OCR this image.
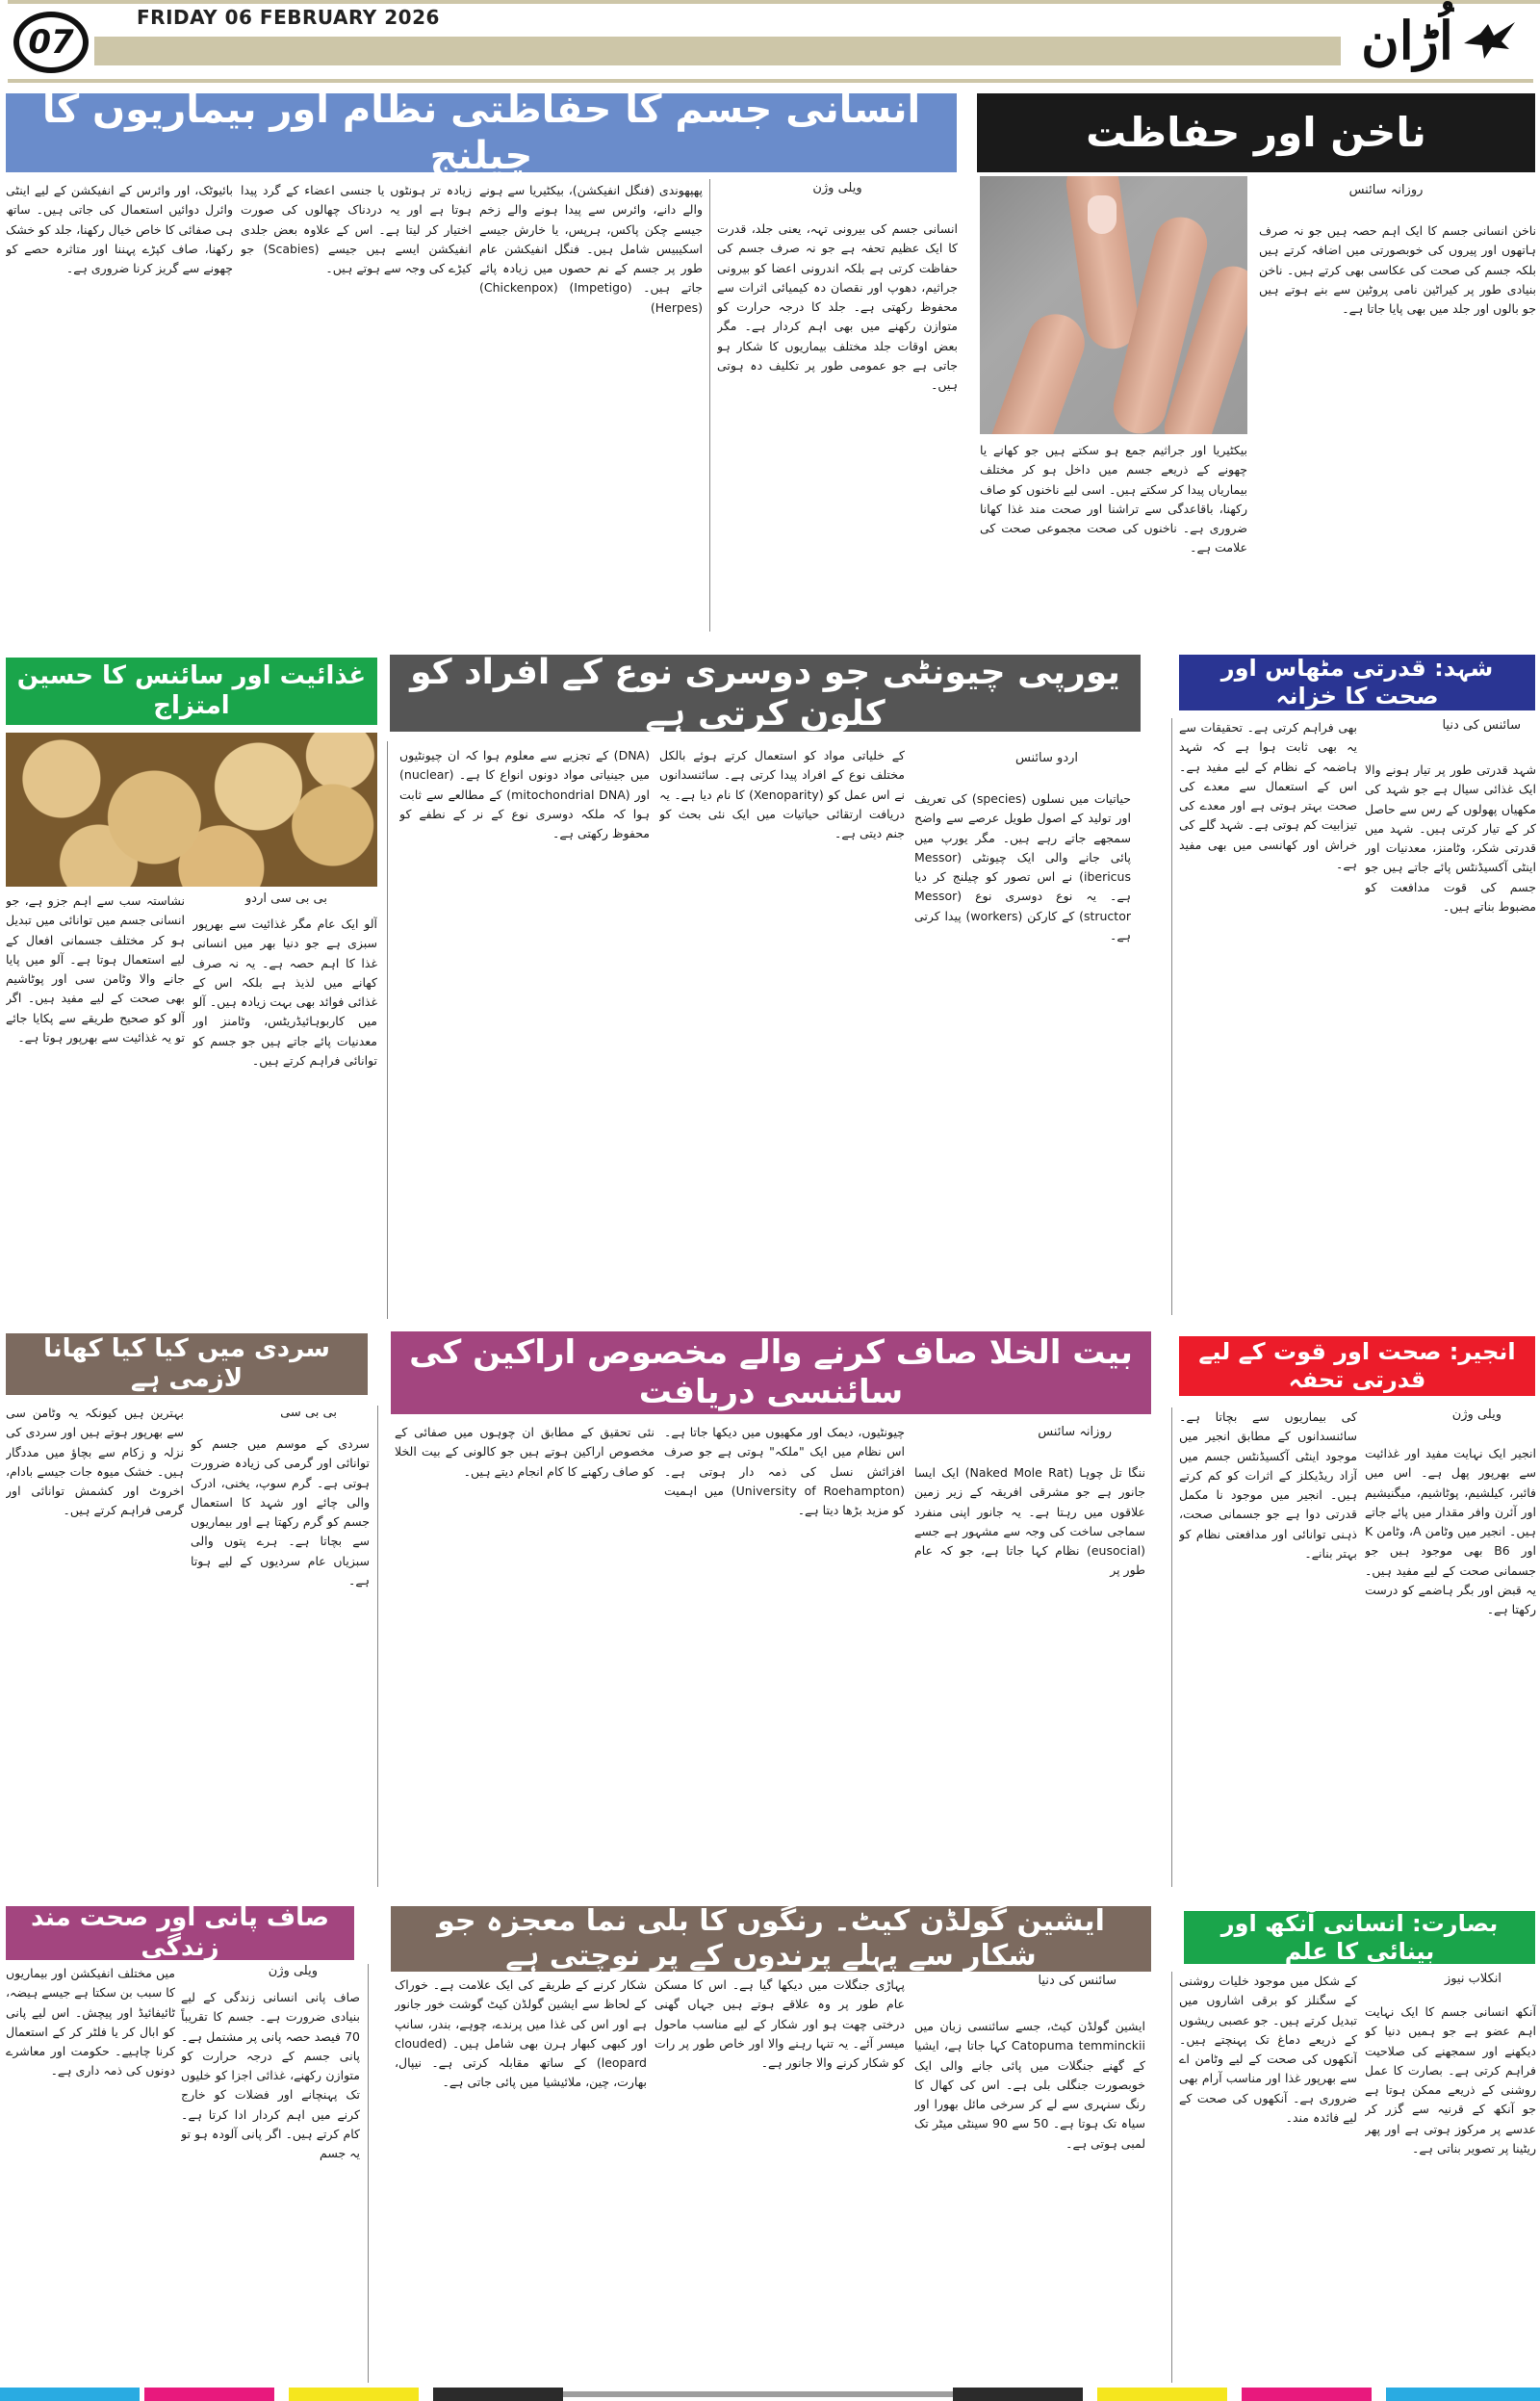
07
FRIDAY 06 FEBRUARY 2026	اُڑان
انسانی جسم کا حفاظتی نظام اور بیماریوں کا چیلنج
ویلی وژن
انسانی جسم کی بیرونی تہہ، یعنی جلد، قدرت کا ایک عظیم تحفہ ہے جو نہ صرف جسم کی حفاظت کرتی ہے بلکہ اندرونی اعضا کو بیرونی جراثیم، دھوپ اور نقصان دہ کیمیائی اثرات سے محفوظ رکھتی ہے۔ جلد کا درجہ حرارت کو متوازن رکھنے میں بھی اہم کردار ہے۔ مگر بعض اوقات جلد مختلف بیماریوں کا شکار ہو جاتی ہے جو عمومی طور پر تکلیف دہ ہوتی ہیں۔
پھپھوندی (فنگل انفیکشن)، بیکٹیریا سے ہونے والے دانے، وائرس سے پیدا ہونے والے زخم جیسے چکن پاکس، ہرپس، یا خارش جیسے اسکیبیس شامل ہیں۔ فنگل انفیکشن عام طور پر جسم کے نم حصوں میں زیادہ پائے جاتے ہیں۔ (Impetigo) (Chickenpox) (Herpes)
زیادہ تر ہونٹوں یا جنسی اعضاء کے گرد پیدا ہوتا ہے اور یہ دردناک چھالوں کی صورت اختیار کر لیتا ہے۔ اس کے علاوہ بعض جلدی انفیکشن ایسے ہیں جیسے (Scabies) جو کیڑے کی وجہ سے ہوتے ہیں۔
بائیوٹک، اور وائرس کے انفیکشن کے لیے اینٹی وائرل دوائیں استعمال کی جاتی ہیں۔ ساتھ ہی صفائی کا خاص خیال رکھنا، جلد کو خشک رکھنا، صاف کپڑے پہننا اور متاثرہ حصے کو چھونے سے گریز کرنا ضروری ہے۔
ناخن اور حفاظت
روزانہ سائنس
ناخن انسانی جسم کا ایک اہم حصہ ہیں جو نہ صرف ہاتھوں اور پیروں کی خوبصورتی میں اضافہ کرتے ہیں بلکہ جسم کی صحت کی عکاسی بھی کرتے ہیں۔ ناخن بنیادی طور پر کیراٹین نامی پروٹین سے بنے ہوتے ہیں جو بالوں اور جلد میں بھی پایا جاتا ہے۔
بیکٹیریا اور جراثیم جمع ہو سکتے ہیں جو کھانے یا چھونے کے ذریعے جسم میں داخل ہو کر مختلف بیماریاں پیدا کر سکتے ہیں۔ اسی لیے ناخنوں کو صاف رکھنا، باقاعدگی سے تراشنا اور صحت مند غذا کھانا ضروری ہے۔ ناخنوں کی صحت مجموعی صحت کی علامت ہے۔
غذائیت اور سائنس کا حسین امتزاج
بی بی سی اردو
نشاستہ سب سے اہم جزو ہے، جو انسانی جسم میں توانائی میں تبدیل ہو کر مختلف جسمانی افعال کے لیے استعمال ہوتا ہے۔ آلو میں پایا جانے والا وٹامن سی اور پوٹاشیم بھی صحت کے لیے مفید ہیں۔ اگر آلو کو صحیح طریقے سے پکایا جائے تو یہ غذائیت سے بھرپور ہوتا ہے۔
آلو ایک عام مگر غذائیت سے بھرپور سبزی ہے جو دنیا بھر میں انسانی غذا کا اہم حصہ ہے۔ یہ نہ صرف کھانے میں لذیذ ہے بلکہ اس کے غذائی فوائد بھی بہت زیادہ ہیں۔ آلو میں کاربوہائیڈریٹس، وٹامنز اور معدنیات پائے جاتے ہیں جو جسم کو توانائی فراہم کرتے ہیں۔
یورپی چیونٹی جو دوسری نوع کے افراد کو کلون کرتی ہے
اردو سائنس
حیاتیات میں نسلوں (species) کی تعریف اور تولید کے اصول طویل عرصے سے واضح سمجھے جاتے رہے ہیں۔ مگر یورپ میں پائی جانے والی ایک چیونٹی (Messor ibericus) نے اس تصور کو چیلنج کر دیا ہے۔ یہ نوع دوسری نوع (Messor structor) کے کارکن (workers) پیدا کرتی ہے۔
کے خلیاتی مواد کو استعمال کرتے ہوئے بالکل مختلف نوع کے افراد پیدا کرتی ہے۔ سائنسدانوں نے اس عمل کو (Xenoparity) کا نام دیا ہے۔ یہ دریافت ارتقائی حیاتیات میں ایک نئی بحث کو جنم دیتی ہے۔
(DNA) کے تجزیے سے معلوم ہوا کہ ان چیونٹیوں میں جینیاتی مواد دونوں انواع کا ہے۔ (nuclear) اور (mitochondrial DNA) کے مطالعے سے ثابت ہوا کہ ملکہ دوسری نوع کے نر کے نطفے کو محفوظ رکھتی ہے۔
شہد: قدرتی مٹھاس اور صحت کا خزانہ
سائنس کی دنیا
شہد قدرتی طور پر تیار ہونے والا ایک غذائی سیال ہے جو شہد کی مکھیاں پھولوں کے رس سے حاصل کر کے تیار کرتی ہیں۔ شہد میں قدرتی شکر، وٹامنز، معدنیات اور اینٹی آکسیڈنٹس پائے جاتے ہیں جو جسم کی قوت مدافعت کو مضبوط بناتے ہیں۔
بھی فراہم کرتی ہے۔ تحقیقات سے یہ بھی ثابت ہوا ہے کہ شہد ہاضمہ کے نظام کے لیے مفید ہے۔ اس کے استعمال سے معدے کی صحت بہتر ہوتی ہے اور معدے کی تیزابیت کم ہوتی ہے۔ شہد گلے کی خراش اور کھانسی میں بھی مفید ہے۔
سردی میں کیا کیا کھانا لازمی ہے
بی بی سی
بہترین ہیں کیونکہ یہ وٹامن سی سے بھرپور ہوتے ہیں اور سردی کی نزلہ و زکام سے بچاؤ میں مددگار ہیں۔ خشک میوہ جات جیسے بادام، اخروٹ اور کشمش توانائی اور گرمی فراہم کرتے ہیں۔
سردی کے موسم میں جسم کو توانائی اور گرمی کی زیادہ ضرورت ہوتی ہے۔ گرم سوپ، یخنی، ادرک والی چائے اور شہد کا استعمال جسم کو گرم رکھتا ہے اور بیماریوں سے بچاتا ہے۔ ہرے پتوں والی سبزیاں عام سردیوں کے لیے ہوتا ہے۔
بیت الخلا صاف کرنے والے مخصوص اراکین کی سائنسی دریافت
روزانہ سائنس
ننگا تل چوہا (Naked Mole Rat) ایک ایسا جانور ہے جو مشرقی افریقہ کے زیر زمین علاقوں میں رہتا ہے۔ یہ جانور اپنی منفرد سماجی ساخت کی وجہ سے مشہور ہے جسے (eusocial) نظام کہا جاتا ہے، جو کہ عام طور پر
چیونٹیوں، دیمک اور مکھیوں میں دیکھا جاتا ہے۔ اس نظام میں ایک "ملکہ" ہوتی ہے جو صرف افزائش نسل کی ذمہ دار ہوتی ہے۔ (University of Roehampton) میں اہمیت کو مزید بڑھا دیتا ہے۔
نئی تحقیق کے مطابق ان چوہوں میں صفائی کے مخصوص اراکین ہوتے ہیں جو کالونی کے بیت الخلا کو صاف رکھنے کا کام انجام دیتے ہیں۔
انجیر: صحت اور قوت کے لیے قدرتی تحفہ
ویلی وژن
انجیر ایک نہایت مفید اور غذائیت سے بھرپور پھل ہے۔ اس میں فائبر، کیلشیم، پوٹاشیم، میگنیشیم اور آئرن وافر مقدار میں پائے جاتے ہیں۔ انجیر میں وٹامن A، وٹامن K اور B6 بھی موجود ہیں جو جسمانی صحت کے لیے مفید ہیں۔ یہ قبض اور بگر ہاضمے کو درست رکھتا ہے۔
کی بیماریوں سے بچاتا ہے۔ سائنسدانوں کے مطابق انجیر میں موجود اینٹی آکسیڈنٹس جسم میں آزاد ریڈیکلز کے اثرات کو کم کرتے ہیں۔ انجیر میں موجود نا مکمل قدرتی دوا ہے جو جسمانی صحت، ذہنی توانائی اور مدافعتی نظام کو بہتر بنانے۔
صاف پانی اور صحت مند زندگی
ویلی وژن
صاف پانی انسانی زندگی کے لیے بنیادی ضرورت ہے۔ جسم کا تقریباً 70 فیصد حصہ پانی پر مشتمل ہے۔ پانی جسم کے درجہ حرارت کو متوازن رکھنے، غذائی اجزا کو خلیوں تک پہنچانے اور فضلات کو خارج کرنے میں اہم کردار ادا کرتا ہے۔ کام کرتے ہیں۔ اگر پانی آلودہ ہو تو یہ جسم
میں مختلف انفیکشن اور بیماریوں کا سبب بن سکتا ہے جیسے ہیضہ، ٹائیفائیڈ اور پیچش۔ اس لیے پانی کو ابال کر یا فلٹر کر کے استعمال کرنا چاہیے۔ حکومت اور معاشرے دونوں کی ذمہ داری ہے۔
ایشین گولڈن کیٹ۔ رنگوں کا بلی نما معجزہ جو شکار سے پہلے پرندوں کے پر نوچتی ہے
سائنس کی دنیا
ایشین گولڈن کیٹ، جسے سائنسی زبان میں Catopuma temminckii کہا جاتا ہے، ایشیا کے گھنے جنگلات میں پائی جانے والی ایک خوبصورت جنگلی بلی ہے۔ اس کی کھال کا رنگ سنہری سے لے کر سرخی مائل بھورا اور سیاہ تک ہوتا ہے۔ 50 سے 90 سینٹی میٹر تک لمبی ہوتی ہے۔
پہاڑی جنگلات میں دیکھا گیا ہے۔ اس کا مسکن عام طور پر وہ علاقے ہوتے ہیں جہاں گھنی درختی چھت ہو اور شکار کے لیے مناسب ماحول میسر آئے۔ یہ تنہا رہنے والا اور خاص طور پر رات کو شکار کرنے والا جانور ہے۔
شکار کرنے کے طریقے کی ایک علامت ہے۔ خوراک کے لحاظ سے ایشین گولڈن کیٹ گوشت خور جانور ہے اور اس کی غذا میں پرندے، چوہے، بندر، سانپ اور کبھی کبھار ہرن بھی شامل ہیں۔ (clouded leopard) کے ساتھ مقابلہ کرتی ہے۔ نیپال، بھارت، چین، ملائیشیا میں پائی جاتی ہے۔
بصارت: انسانی آنکھ اور بینائی کا علم
انکلاب نیوز
آنکھ انسانی جسم کا ایک نہایت اہم عضو ہے جو ہمیں دنیا کو دیکھنے اور سمجھنے کی صلاحیت فراہم کرتی ہے۔ بصارت کا عمل روشنی کے ذریعے ممکن ہوتا ہے جو آنکھ کے قرنیہ سے گزر کر عدسے پر مرکوز ہوتی ہے اور پھر ریٹینا پر تصویر بناتی ہے۔
کے شکل میں موجود خلیات روشنی کے سگنلز کو برقی اشاروں میں تبدیل کرتے ہیں۔ جو عصبی ریشوں کے ذریعے دماغ تک پہنچتے ہیں۔ آنکھوں کی صحت کے لیے وٹامن اے سے بھرپور غذا اور مناسب آرام بھی ضروری ہے۔ آنکھوں کی صحت کے لیے فائدہ مند۔
